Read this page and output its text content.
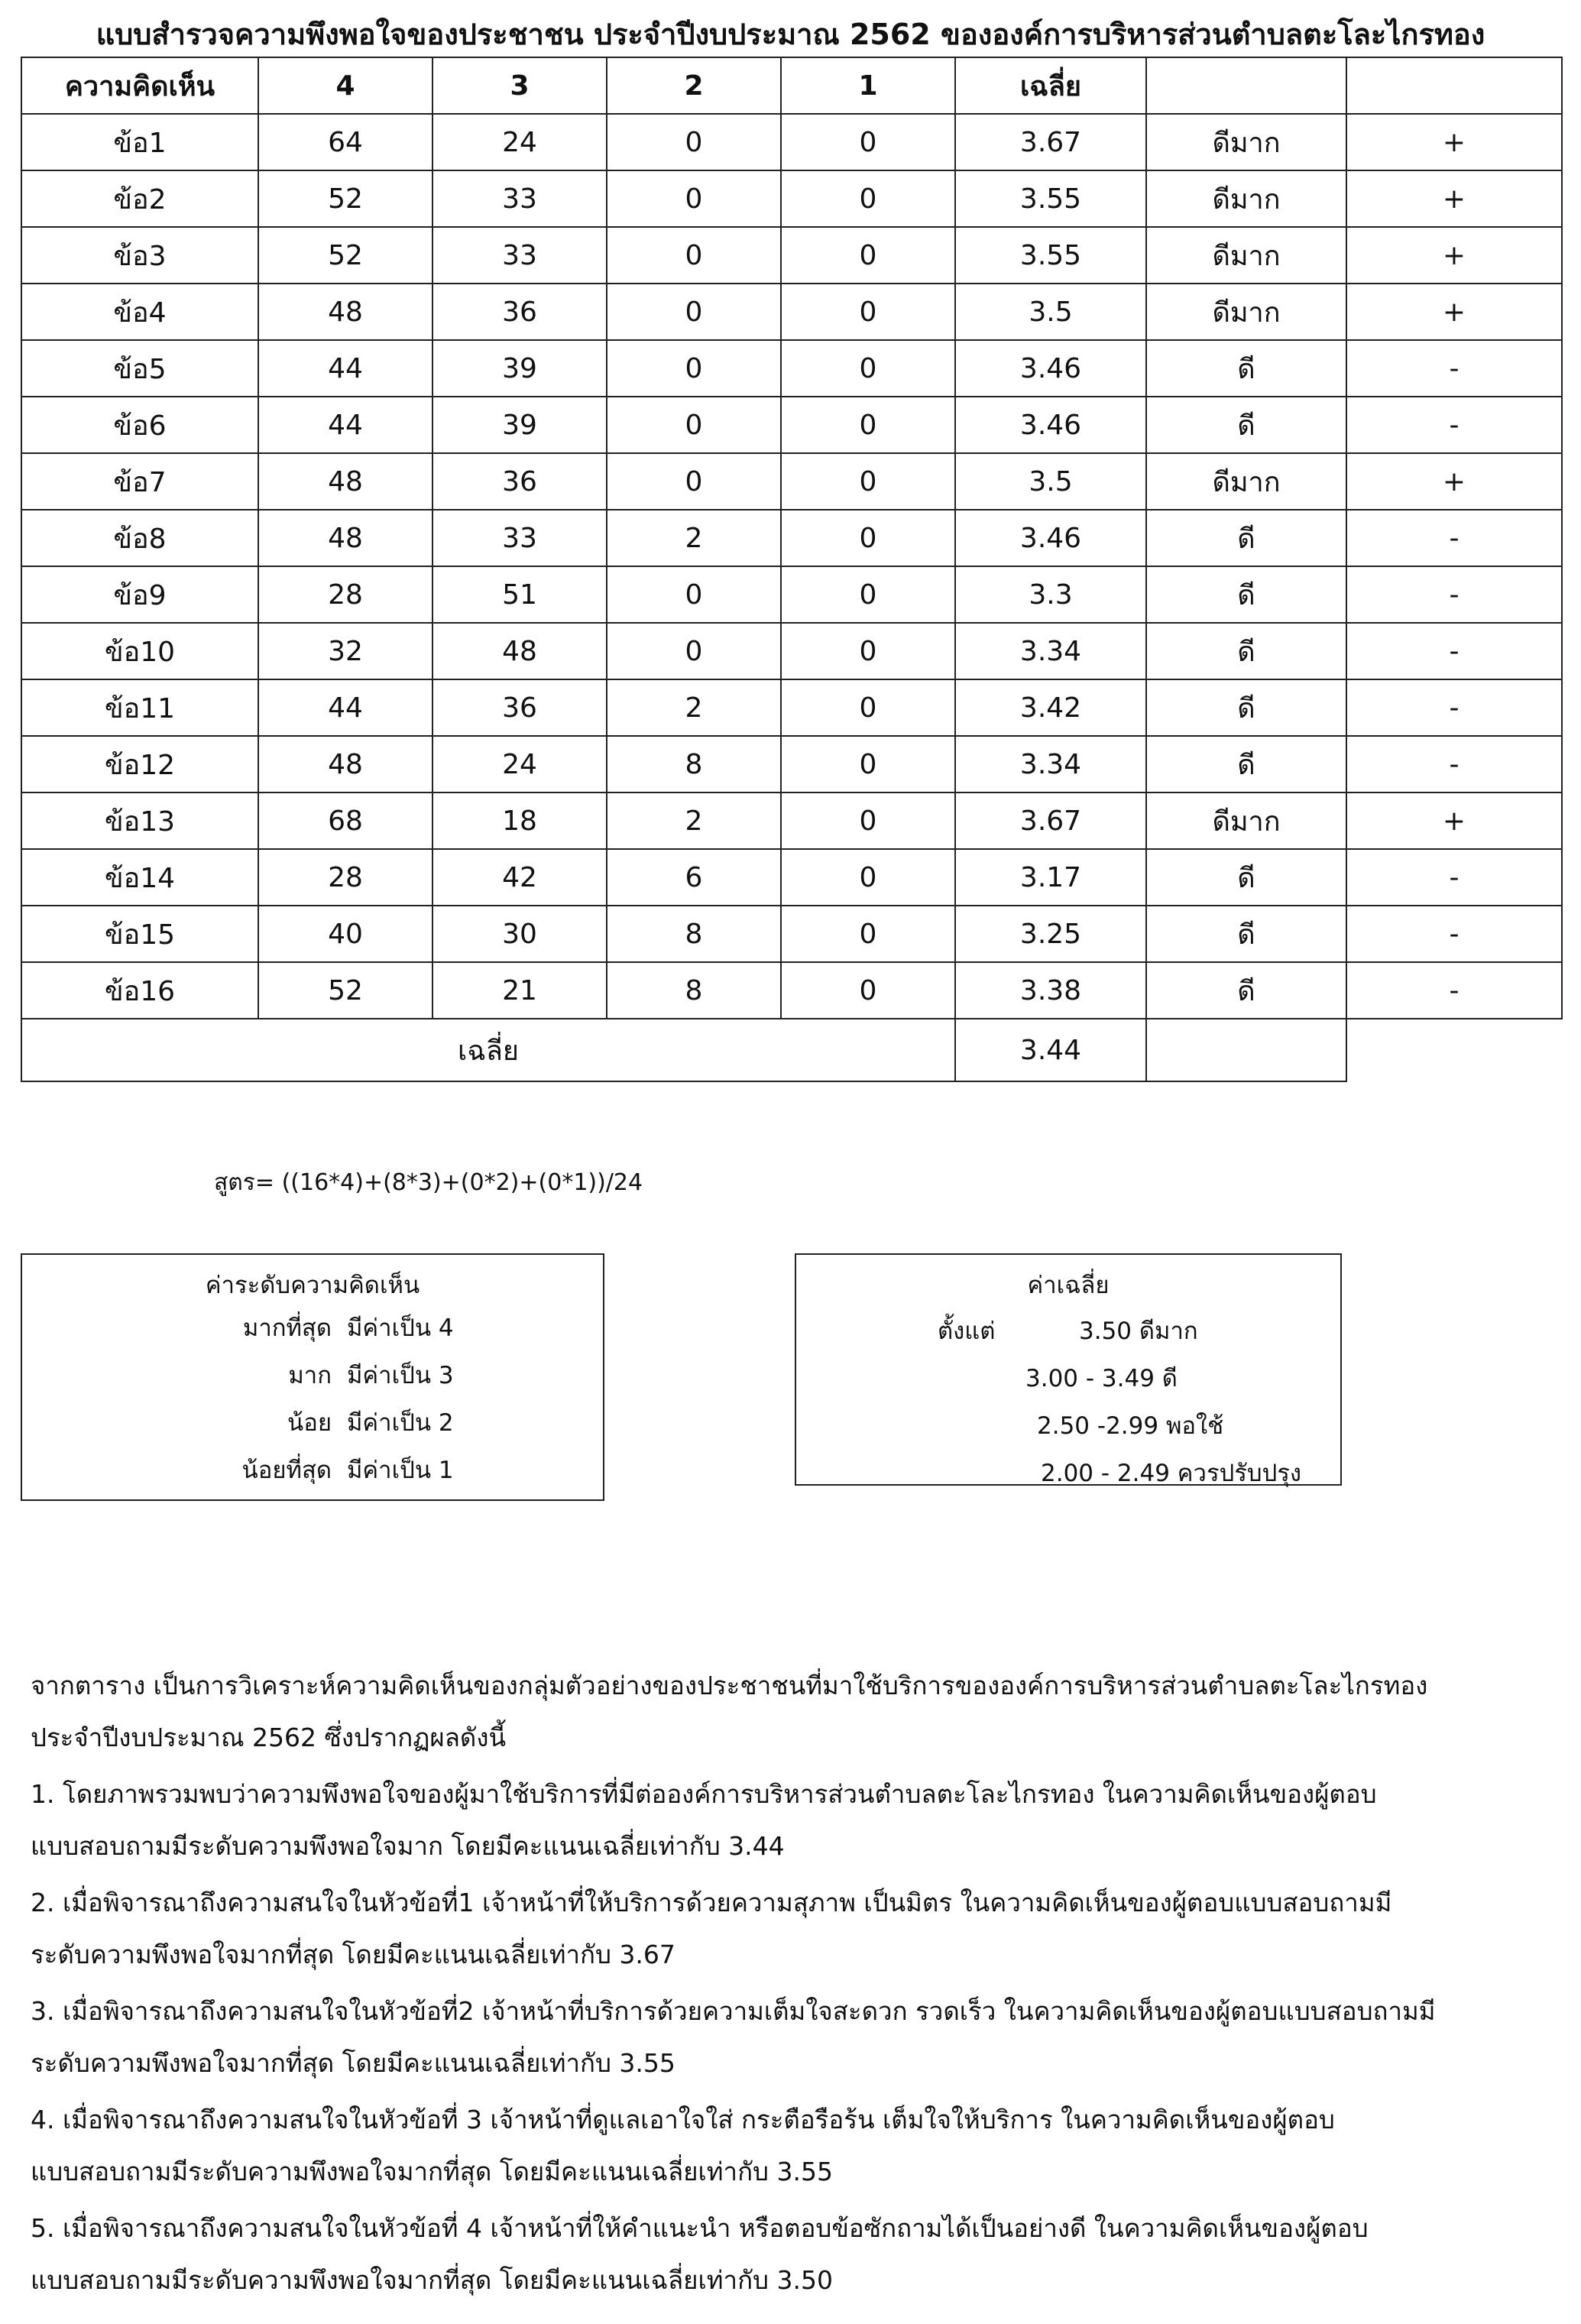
แบบสำรวจความพึงพอใจของประชาชน ประจำปีงบประมาณ 2562 ขององค์การบริหารส่วนตำบลตะโละไกรทอง
ความคิดเห็น	4	3	2	1	เฉลี่ย		
ข้อ1	64	24	0	0	3.67	ดีมาก	+
ข้อ2	52	33	0	0	3.55	ดีมาก	+
ข้อ3	52	33	0	0	3.55	ดีมาก	+
ข้อ4	48	36	0	0	3.5	ดีมาก	+
ข้อ5	44	39	0	0	3.46	ดี	-
ข้อ6	44	39	0	0	3.46	ดี	-
ข้อ7	48	36	0	0	3.5	ดีมาก	+
ข้อ8	48	33	2	0	3.46	ดี	-
ข้อ9	28	51	0	0	3.3	ดี	-
ข้อ10	32	48	0	0	3.34	ดี	-
ข้อ11	44	36	2	0	3.42	ดี	-
ข้อ12	48	24	8	0	3.34	ดี	-
ข้อ13	68	18	2	0	3.67	ดีมาก	+
ข้อ14	28	42	6	0	3.17	ดี	-
ข้อ15	40	30	8	0	3.25	ดี	-
ข้อ16	52	21	8	0	3.38	ดี	-
เฉลี่ย					3.44		
สูตร= ((16*4)+(8*3)+(0*2)+(0*1))/24
ค่าระดับความคิดเห็น
มากที่สุด มีค่าเป็น 4
มาก มีค่าเป็น 3
น้อย มีค่าเป็น 2
น้อยที่สุด มีค่าเป็น 1
ค่าเฉลี่ย
ตั้งแต่	3.50 ดีมาก
3.00 - 3.49 ดี
2.50 -2.99 พอใช้
2.00 - 2.49 ควรปรับปรุง

จากตาราง เป็นการวิเคราะห์ความคิดเห็นของกลุ่มตัวอย่างของประชาชนที่มาใช้บริการขององค์การบริหารส่วนตำบลตะโละไกรทอง

ประจำปีงบประมาณ 2562 ซึ่งปรากฏผลดังนี้

1. โดยภาพรวมพบว่าความพึงพอใจของผู้มาใช้บริการที่มีต่อองค์การบริหารส่วนตำบลตะโละไกรทอง ในความคิดเห็นของผู้ตอบ

แบบสอบถามมีระดับความพึงพอใจมาก โดยมีคะแนนเฉลี่ยเท่ากับ 3.44

2. เมื่อพิจารณาถึงความสนใจในหัวข้อที่1 เจ้าหน้าที่ให้บริการด้วยความสุภาพ เป็นมิตร ในความคิดเห็นของผู้ตอบแบบสอบถามมี

ระดับความพึงพอใจมากที่สุด โดยมีคะแนนเฉลี่ยเท่ากับ 3.67

3. เมื่อพิจารณาถึงความสนใจในหัวข้อที่2 เจ้าหน้าที่บริการด้วยความเต็มใจสะดวก รวดเร็ว ในความคิดเห็นของผู้ตอบแบบสอบถามมี

ระดับความพึงพอใจมากที่สุด โดยมีคะแนนเฉลี่ยเท่ากับ 3.55

4. เมื่อพิจารณาถึงความสนใจในหัวข้อที่ 3 เจ้าหน้าที่ดูแลเอาใจใส่ กระตือรือร้น เต็มใจให้บริการ ในความคิดเห็นของผู้ตอบ

แบบสอบถามมีระดับความพึงพอใจมากที่สุด โดยมีคะแนนเฉลี่ยเท่ากับ 3.55

5. เมื่อพิจารณาถึงความสนใจในหัวข้อที่ 4 เจ้าหน้าที่ให้คำแนะนำ หรือตอบข้อซักถามได้เป็นอย่างดี ในความคิดเห็นของผู้ตอบ

แบบสอบถามมีระดับความพึงพอใจมากที่สุด โดยมีคะแนนเฉลี่ยเท่ากับ 3.50
